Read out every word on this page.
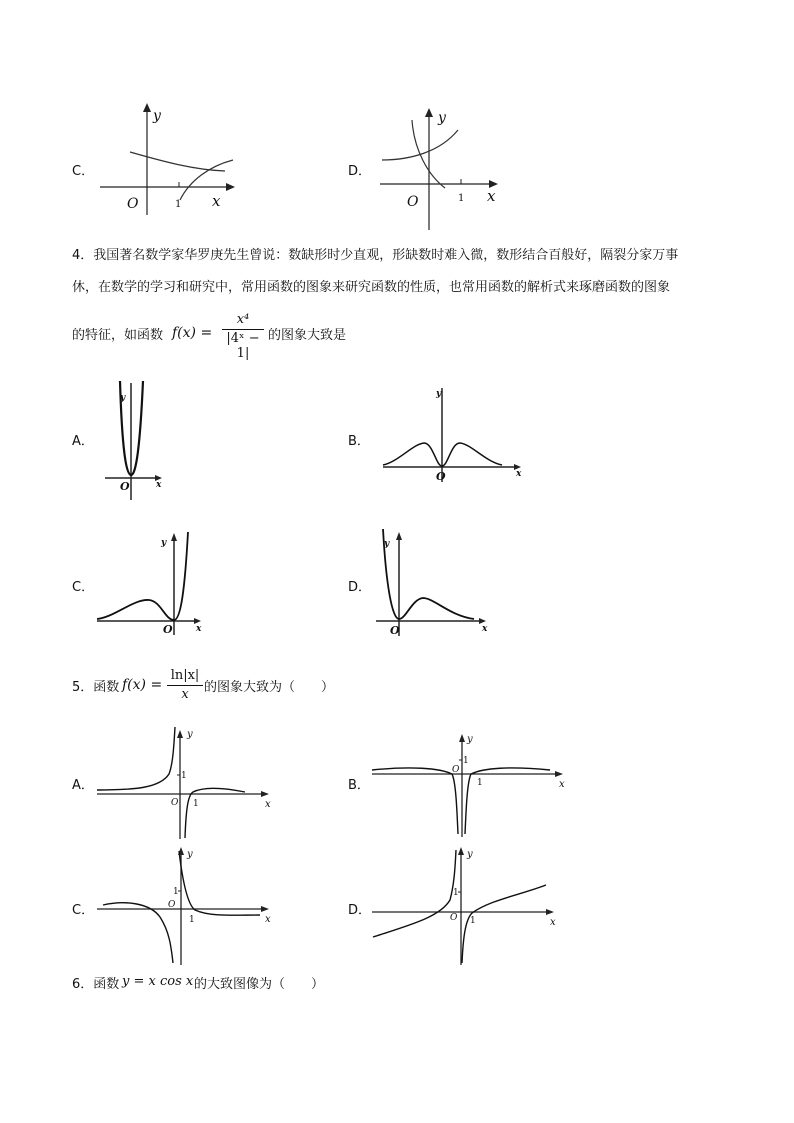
C．
y
O	1 x
D．
y
O	1 x
4．我国著名数学家华罗庚先生曾说：数缺形时少直观，形缺数时难入微，数形结合百般好，隔裂分家万事
休，在数学的学习和研究中，常用函数的图象来研究函数的性质，也常用函数的解析式来琢磨函数的图象
的特征，如函数 $f(x) = \frac{\text{x⁴}}{\text{|4ˣ − 1|}}$ 的图象大致是
A．
y
O	x
B．
y
O	x
C．
y
O	x
D．
y
O	x
5．函数 $f(x) = \frac{\ln|x|}{x}$ 的图象大致为（　　）
A．
y
1
O 1	x
B．
y
1
O
1	x
C．
y
1
O
1	x
D．
y
1
O 1	x
6．函数 y = x cos x 的大致图像为（　　）
